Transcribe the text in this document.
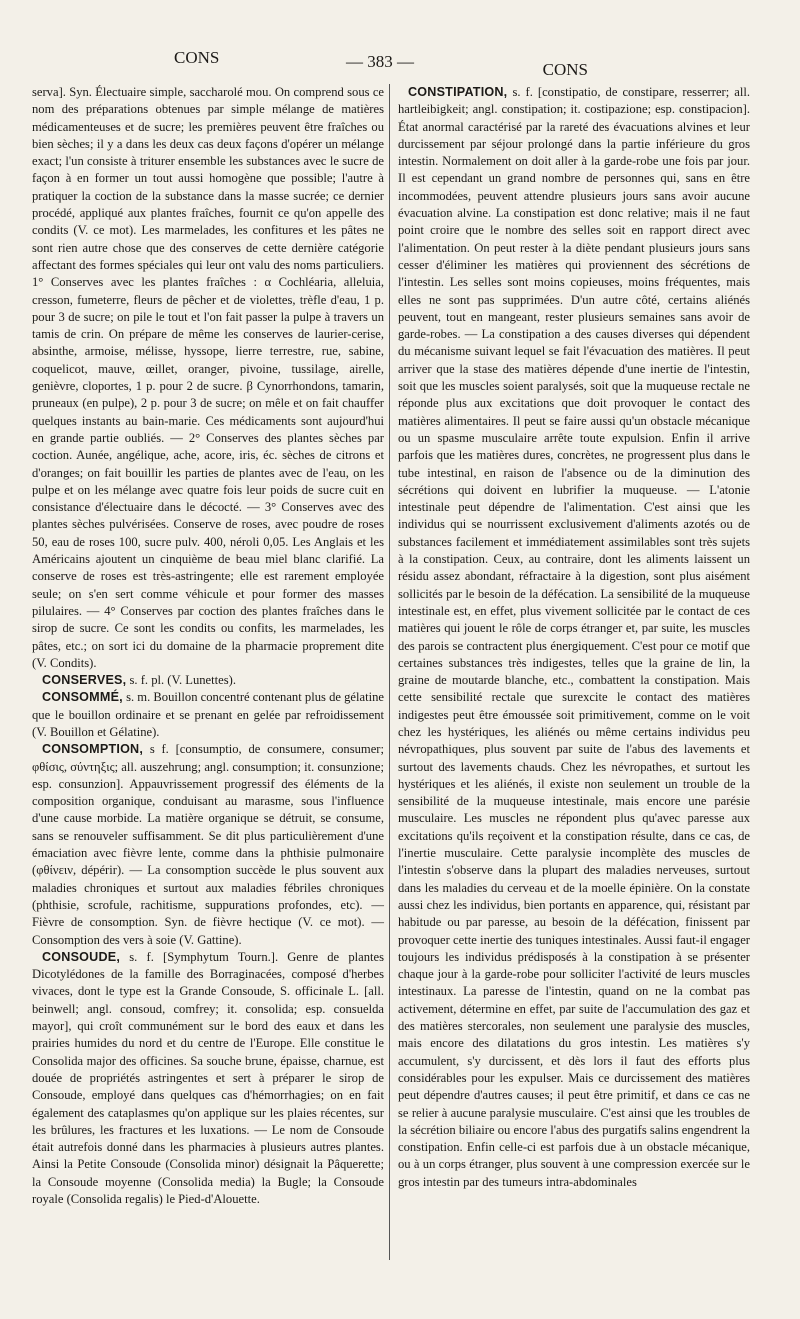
CONS	— 383 —	CONS

serva]. Syn. Électuaire simple, saccharolé mou. On comprend sous ce nom des préparations obtenues par simple mélange de matières médicamenteuses et de sucre; les premières peuvent être fraîches ou bien sèches; il y a dans les deux cas deux façons d'opérer un mélange exact; l'un consiste à triturer ensemble les substances avec le sucre de façon à en former un tout aussi homogène que possible; l'autre à pratiquer la coction de la substance dans la masse sucrée; ce dernier procédé, appliqué aux plantes fraîches, fournit ce qu'on appelle des condits (V. ce mot). Les marmelades, les confitures et les pâtes ne sont rien autre chose que des conserves de cette dernière catégorie affectant des formes spéciales qui leur ont valu des noms particuliers. 1° Conserves avec les plantes fraîches : α Cochléaria, alleluia, cresson, fumeterre, fleurs de pêcher et de violettes, trèfle d'eau, 1 p. pour 3 de sucre; on pile le tout et l'on fait passer la pulpe à travers un tamis de crin. On prépare de même les conserves de laurier-cerise, absinthe, armoise, mélisse, hyssope, lierre terrestre, rue, sabine, coquelicot, mauve, œillet, oranger, pivoine, tussilage, airelle, genièvre, cloportes, 1 p. pour 2 de sucre. β Cynorrhondons, tamarin, pruneaux (en pulpe), 2 p. pour 3 de sucre; on mêle et on fait chauffer quelques instants au bain-marie. Ces médicaments sont aujourd'hui en grande partie oubliés. — 2° Conserves des plantes sèches par coction. Aunée, angélique, ache, acore, iris, éc. sèches de citrons et d'oranges; on fait bouillir les parties de plantes avec de l'eau, on les pulpe et on les mélange avec quatre fois leur poids de sucre cuit en consistance d'électuaire dans le décocté. — 3° Conserves avec des plantes sèches pulvérisées. Conserve de roses, avec poudre de roses 50, eau de roses 100, sucre pulv. 400, néroli 0,05. Les Anglais et les Américains ajoutent un cinquième de beau miel blanc clarifié. La conserve de roses est très-astringente; elle est rarement employée seule; on s'en sert comme véhicule et pour former des masses pilulaires. — 4° Conserves par coction des plantes fraîches dans le sirop de sucre. Ce sont les condits ou confits, les marmelades, les pâtes, etc.; on sort ici du domaine de la pharmacie proprement dite (V. Condits).

CONSERVES, s. f. pl. (V. Lunettes).

CONSOMMÉ, s. m. Bouillon concentré contenant plus de gélatine que le bouillon ordinaire et se prenant en gelée par refroidissement (V. Bouillon et Gélatine).

CONSOMPTION, s f. [consumptio, de consumere, consumer; φθίσις, σύντηξις; all. auszehrung; angl. consumption; it. consunzione; esp. consunzion]. Appauvrissement progressif des éléments de la composition organique, conduisant au marasme, sous l'influence d'une cause morbide. La matière organique se détruit, se consume, sans se renouveler suffisamment. Se dit plus particulièrement d'une émaciation avec fièvre lente, comme dans la phthisie pulmonaire (φθίνειν, dépérir). — La consomption succède le plus souvent aux maladies chroniques et surtout aux maladies fébriles chroniques (phthisie, scrofule, rachitisme, suppurations profondes, etc). — Fièvre de consomption. Syn. de fièvre hectique (V. ce mot). — Consomption des vers à soie (V. Gattine).

CONSOUDE, s. f. [Symphytum Tourn.]. Genre de plantes Dicotylédones de la famille des Borraginacées, composé d'herbes vivaces, dont le type est la Grande Consoude, S. officinale L. [all. beinwell; angl. consoud, comfrey; it. consolida; esp. consuelda mayor], qui croît communément sur le bord des eaux et dans les prairies humides du nord et du centre de l'Europe. Elle constitue le Consolida major des officines. Sa souche brune, épaisse, charnue, est douée de propriétés astringentes et sert à préparer le sirop de Consoude, employé dans quelques cas d'hémorrhagies; on en fait également des cataplasmes qu'on applique sur les plaies récentes, sur les brûlures, les fractures et les luxations. — Le nom de Consoude était autrefois donné dans les pharmacies à plusieurs autres plantes. Ainsi la Petite Consoude (Consolida minor) désignait la Pâquerette; la Consoude moyenne (Consolida media) la Bugle; la Consoude royale (Consolida regalis) le Pied-d'Alouette.

CONSTIPATION, s. f. [constipatio, de constipare, resserrer; all. hartleibigkeit; angl. constipation; it. costipazione; esp. constipacion]. État anormal caractérisé par la rareté des évacuations alvines et leur durcissement par séjour prolongé dans la partie inférieure du gros intestin. Normalement on doit aller à la garde-robe une fois par jour. Il est cependant un grand nombre de personnes qui, sans en être incommodées, peuvent attendre plusieurs jours sans avoir aucune évacuation alvine. La constipation est donc relative; mais il ne faut point croire que le nombre des selles soit en rapport direct avec l'alimentation. On peut rester à la diète pendant plusieurs jours sans cesser d'éliminer les matières qui proviennent des sécrétions de l'intestin. Les selles sont moins copieuses, moins fréquentes, mais elles ne sont pas supprimées. D'un autre côté, certains aliénés peuvent, tout en mangeant, rester plusieurs semaines sans avoir de garde-robes. — La constipation a des causes diverses qui dépendent du mécanisme suivant lequel se fait l'évacuation des matières. Il peut arriver que la stase des matières dépende d'une inertie de l'intestin, soit que les muscles soient paralysés, soit que la muqueuse rectale ne réponde plus aux excitations que doit provoquer le contact des matières alimentaires. Il peut se faire aussi qu'un obstacle mécanique ou un spasme musculaire arrête toute expulsion. Enfin il arrive parfois que les matières dures, concrètes, ne progressent plus dans le tube intestinal, en raison de l'absence ou de la diminution des sécrétions qui doivent en lubrifier la muqueuse. — L'atonie intestinale peut dépendre de l'alimentation. C'est ainsi que les individus qui se nourrissent exclusivement d'aliments azotés ou de substances facilement et immédiatement assimilables sont très sujets à la constipation. Ceux, au contraire, dont les aliments laissent un résidu assez abondant, réfractaire à la digestion, sont plus aisément sollicités par le besoin de la défécation. La sensibilité de la muqueuse intestinale est, en effet, plus vivement sollicitée par le contact de ces matières qui jouent le rôle de corps étranger et, par suite, les muscles des parois se contractent plus énergiquement. C'est pour ce motif que certaines substances très indigestes, telles que la graine de lin, la graine de moutarde blanche, etc., combattent la constipation. Mais cette sensibilité rectale que surexcite le contact des matières indigestes peut être émoussée soit primitivement, comme on le voit chez les hystériques, les aliénés ou même certains individus peu névropathiques, plus souvent par suite de l'abus des lavements et surtout des lavements chauds. Chez les névropathes, et surtout les hystériques et les aliénés, il existe non seulement un trouble de la sensibilité de la muqueuse intestinale, mais encore une parésie musculaire. Les muscles ne répondent plus qu'avec paresse aux excitations qu'ils reçoivent et la constipation résulte, dans ce cas, de l'inertie musculaire. Cette paralysie incomplète des muscles de l'intestin s'observe dans la plupart des maladies nerveuses, surtout dans les maladies du cerveau et de la moelle épinière. On la constate aussi chez les individus, bien portants en apparence, qui, résistant par habitude ou par paresse, au besoin de la défécation, finissent par provoquer cette inertie des tuniques intestinales. Aussi faut-il engager toujours les individus prédisposés à la constipation à se présenter chaque jour à la garde-robe pour solliciter l'activité de leurs muscles intestinaux. La paresse de l'intestin, quand on ne la combat pas activement, détermine en effet, par suite de l'accumulation des gaz et des matières stercorales, non seulement une paralysie des muscles, mais encore des dilatations du gros intestin. Les matières s'y accumulent, s'y durcissent, et dès lors il faut des efforts plus considérables pour les expulser. Mais ce durcissement des matières peut dépendre d'autres causes; il peut être primitif, et dans ce cas ne se relier à aucune paralysie musculaire. C'est ainsi que les troubles de la sécrétion biliaire ou encore l'abus des purgatifs salins engendrent la constipation. Enfin celle-ci est parfois due à un obstacle mécanique, ou à un corps étranger, plus souvent à une compression exercée sur le gros intestin par des tumeurs intra-abdominales
